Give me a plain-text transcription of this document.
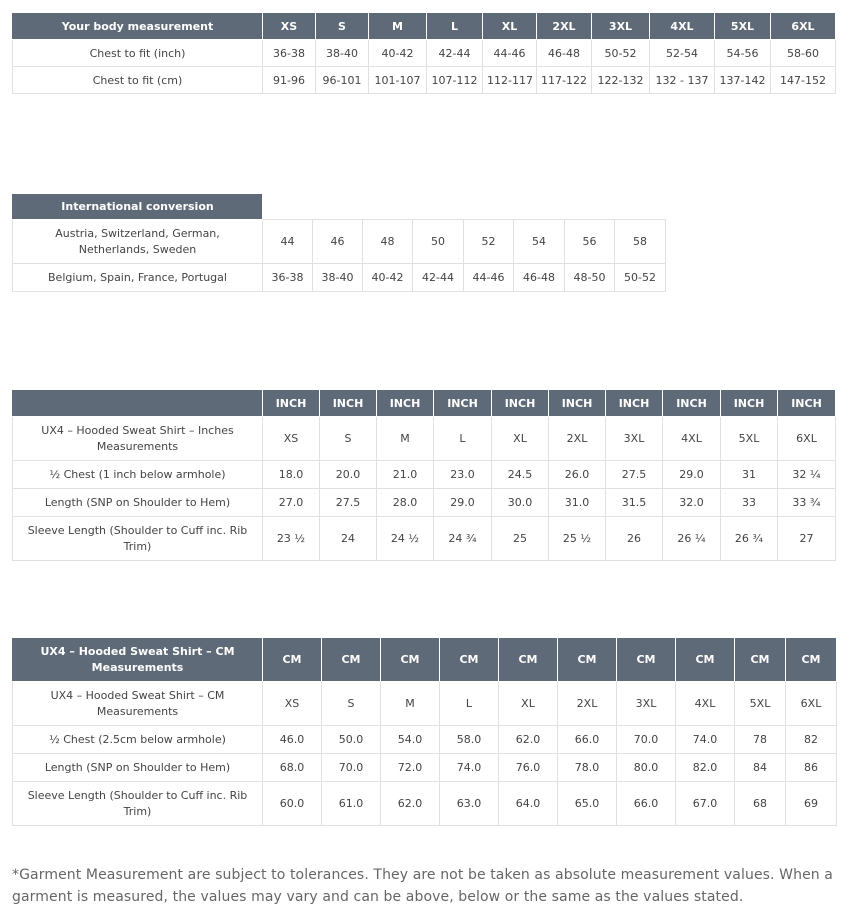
Your body measurement	XS	S	M	L	XL	2XL	3XL	4XL	5XL	6XL
Chest to fit (inch)	36-38	38-40	40-42	42-44	44-46	46-48	50-52	52-54	54-56	58-60
Chest to fit (cm)	91-96	96-101	101-107	107-112	112-117	117-122	122-132	132 - 137	137-142	147-152
International conversion								
Austria, Switzerland, German, Netherlands, Sweden	44	46	48	50	52	54	56	58
Belgium, Spain, France, Portugal	36-38	38-40	40-42	42-44	44-46	46-48	48-50	50-52
	INCH	INCH	INCH	INCH	INCH	INCH	INCH	INCH	INCH	INCH
UX4 – Hooded Sweat Shirt – Inches Measurements	XS	S	M	L	XL	2XL	3XL	4XL	5XL	6XL
½ Chest (1 inch below armhole)	18.0	20.0	21.0	23.0	24.5	26.0	27.5	29.0	31	32 ¼
Length (SNP on Shoulder to Hem)	27.0	27.5	28.0	29.0	30.0	31.0	31.5	32.0	33	33 ¾
Sleeve Length (Shoulder to Cuff inc. Rib Trim)	23 ½	24	24 ½	24 ¾	25	25 ½	26	26 ¼	26 ¾	27
UX4 – Hooded Sweat Shirt – CM Measurements	CM	CM	CM	CM	CM	CM	CM	CM	CM	CM
UX4 – Hooded Sweat Shirt – CM Measurements	XS	S	M	L	XL	2XL	3XL	4XL	5XL	6XL
½ Chest (2.5cm below armhole)	46.0	50.0	54.0	58.0	62.0	66.0	70.0	74.0	78	82
Length (SNP on Shoulder to Hem)	68.0	70.0	72.0	74.0	76.0	78.0	80.0	82.0	84	86
Sleeve Length (Shoulder to Cuff inc. Rib Trim)	60.0	61.0	62.0	63.0	64.0	65.0	66.0	67.0	68	69

*Garment Measurement are subject to tolerances. They are not be taken as absolute measurement values. When a garment is measured, the values may vary and can be above, below or the same as the values stated.
